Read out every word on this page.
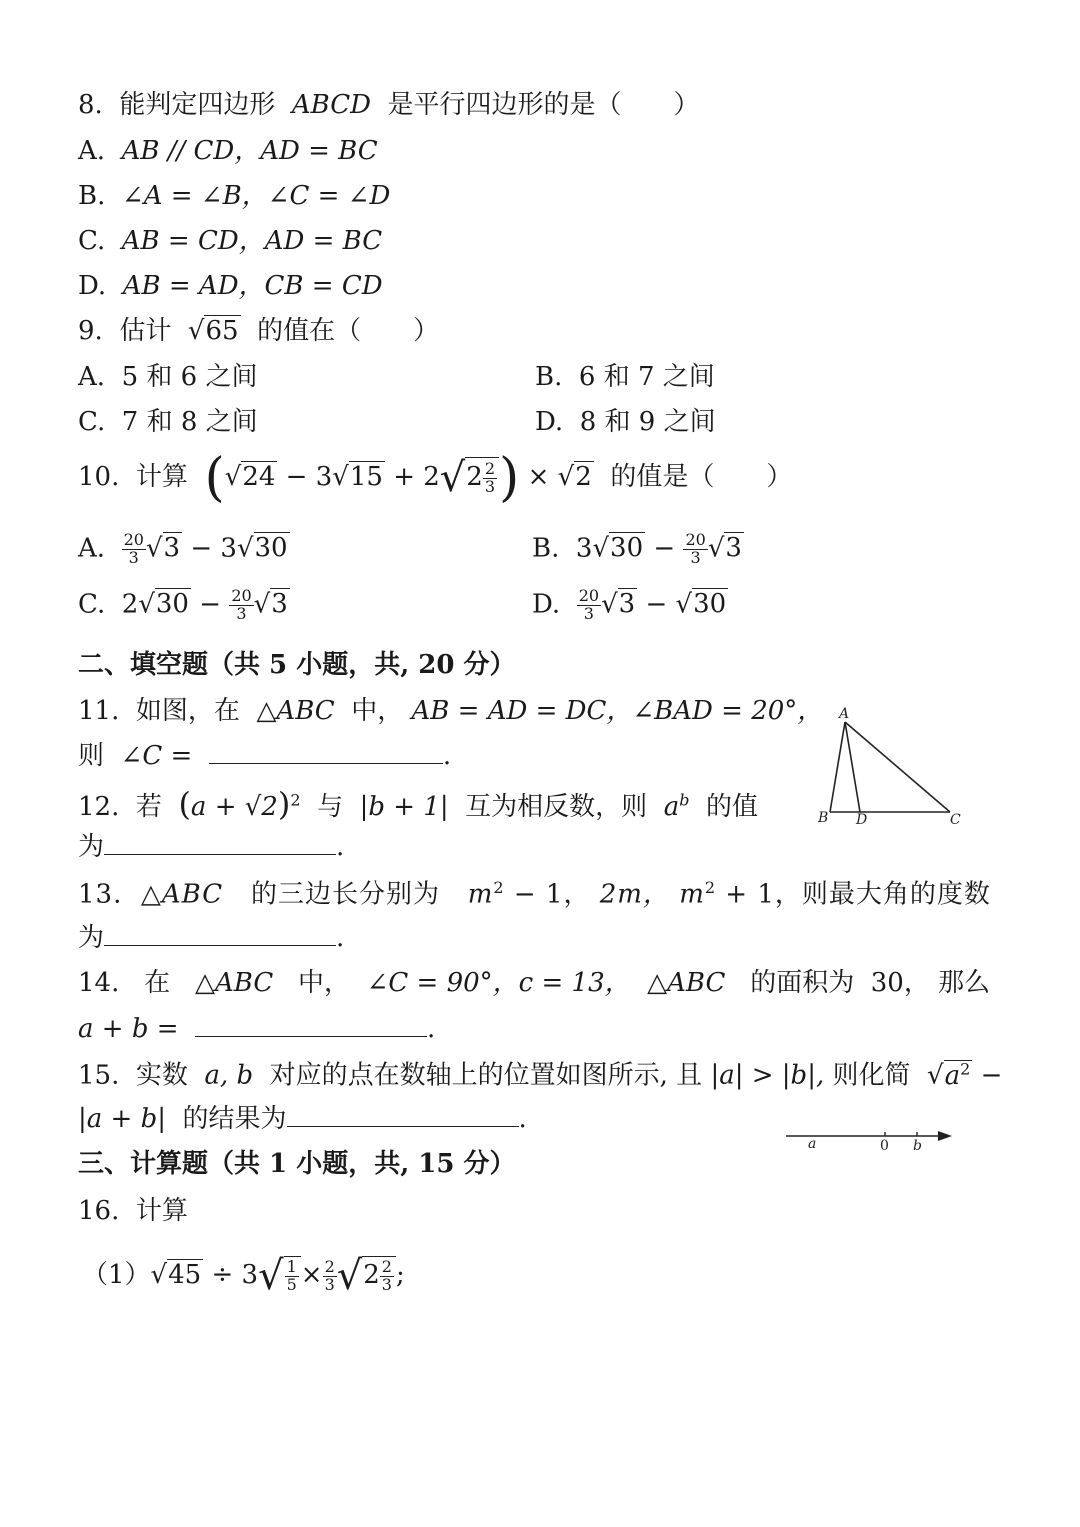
8. 能判定四边形 ABCD 是平行四边形的是（　　）
A. AB // CD，AD = BC
B. ∠A = ∠B，∠C = ∠D
C. AB = CD，AD = BC
D. AB = AD，CB = CD
9. 估计 √65 的值在（　　）
A. 5 和 6 之间	B. 6 和 7 之间
C. 7 和 8 之间	D. 8 和 9 之间
10. 计算 ($√24 - 3√15 + 2√2 \frac{2}{3}$ ) × √2 的值是（　　）
A. $\frac{20}{3} √3 - 3√30$	B. $3√30 - \frac{20}{3} √3$
C. $2√30 - \frac{20}{3} √3$	D. $\frac{20}{3} √3 - √30$
二、填空题（共 5 小题，共, 20 分）
11. 如图，在 △ABC 中， AB = AD = DC，∠BAD = 20°，
则 ∠C =	.
A
B D	C
12. 若 $(a + √2)^2$ 与 |b + 1| 互为相反数，则 $a^b$ 的值
为	.
13. △ABC 的三边长分别为 $m^2 - 1$， 2m， $m^2 + 1$，则最大角的度数
为	.
14. 在 △ABC 中， ∠C = 90°，c = 13， △ABC 的面积为 30， 那么
a + b =	.
15. 实数 a, b 对应的点在数轴上的位置如图所示, 且 |a| > |b|, 则化简 $√a^2$ −
|a + b| 的结果为	.
a	0 b
三、计算题（共 1 小题，共, 15 分）
16. 计算
$(1)√45 \div 3√ \frac{1}{5} \times \frac{2}{3} √2 \frac{2}{3}$ ;
